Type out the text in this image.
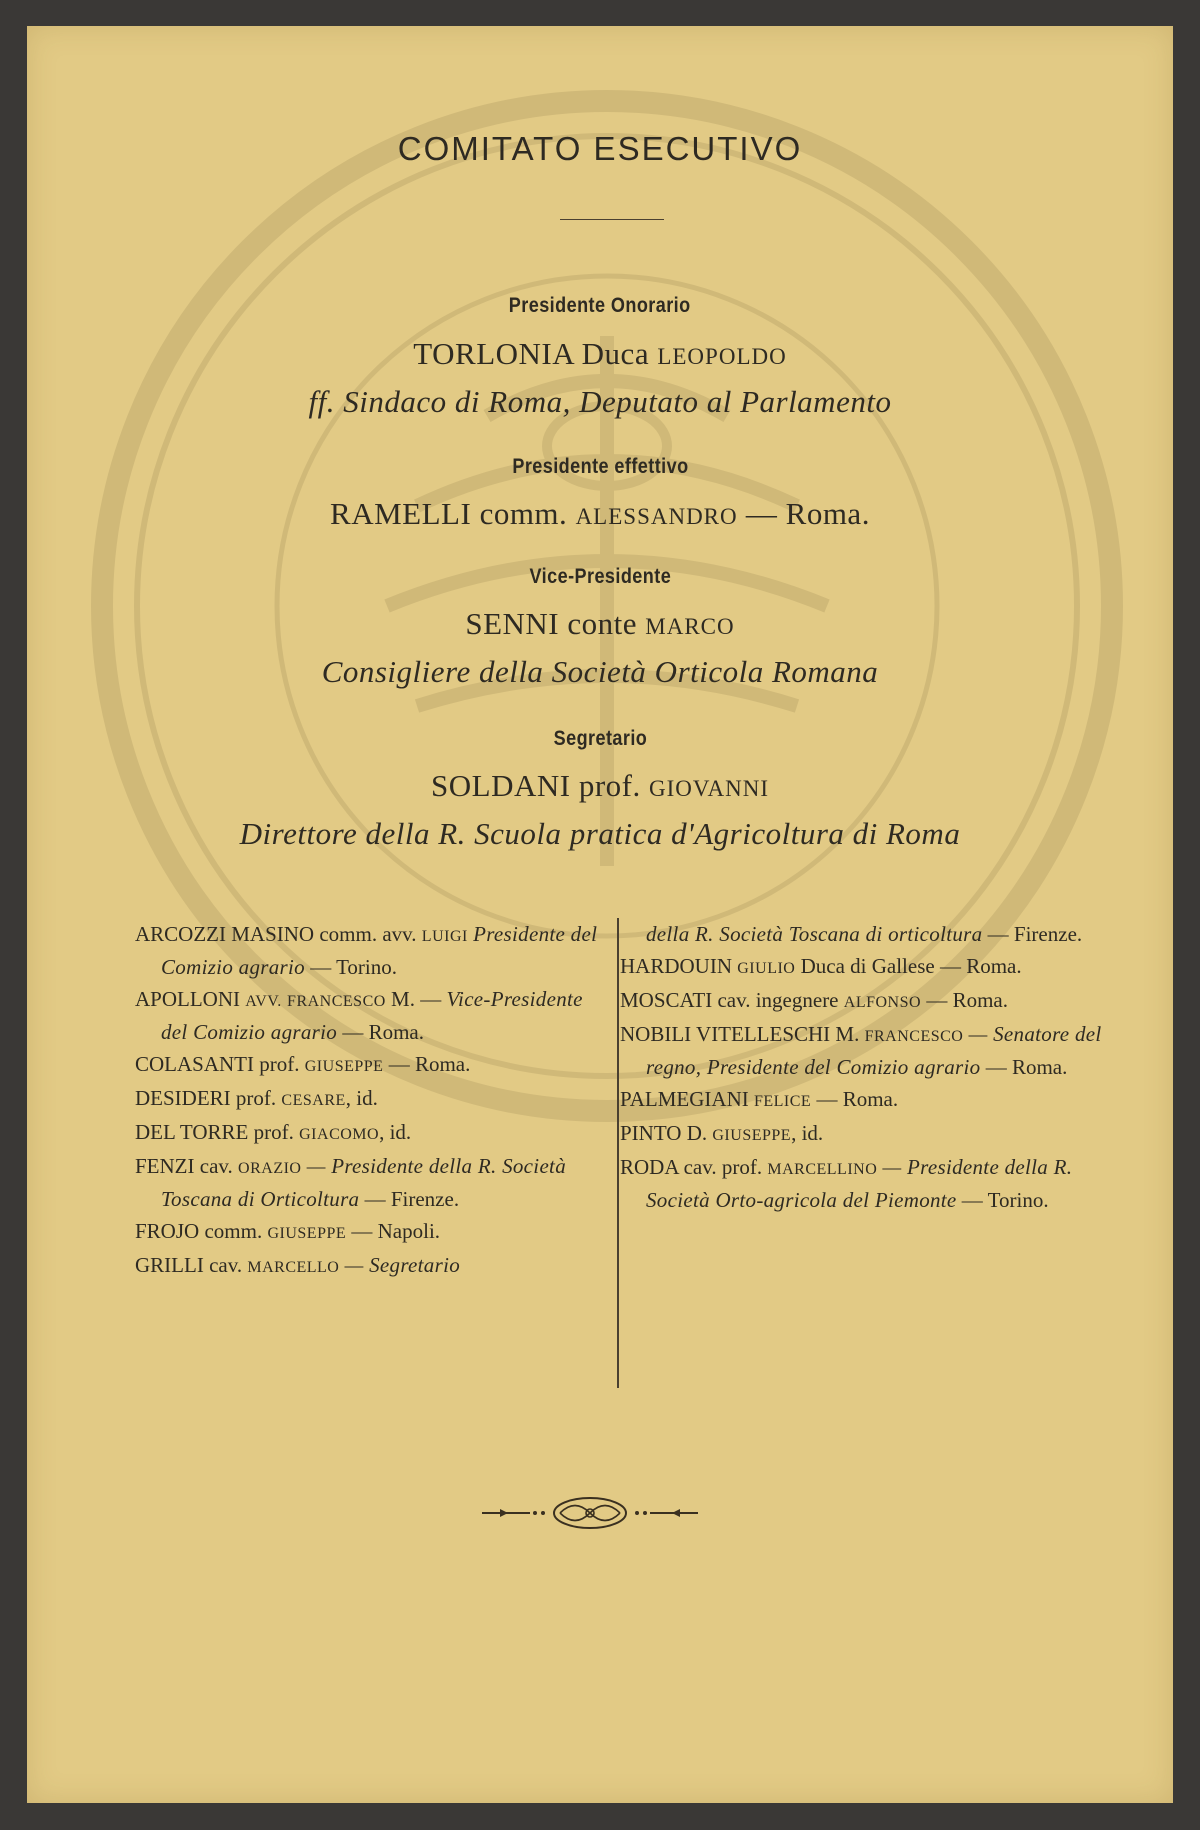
COMITATO ESECUTIVO
Presidente Onorario
TORLONIA Duca LEOPOLDO
ff. Sindaco di Roma, Deputato al Parlamento
Presidente effettivo
RAMELLI comm. ALESSANDRO — Roma.
Vice-Presidente
SENNI conte MARCO
Consigliere della Società Orticola Romana
Segretario
SOLDANI prof. GIOVANNI
Direttore della R. Scuola pratica d'Agricoltura di Roma
ARCOZZI MASINO comm. avv. LUIGI Presidente del Comizio agrario — Torino.
APOLLONI AVV. FRANCESCO M. — Vice-Presidente del Comizio agrario — Roma.
COLASANTI prof. GIUSEPPE — Roma.
DESIDERI prof. CESARE, id.
DEL TORRE prof. GIACOMO, id.
FENZI cav. ORAZIO — Presidente della R. Società Toscana di Orticoltura — Firenze.
FROJO comm. GIUSEPPE — Napoli.
GRILLI cav. MARCELLO — Segretario
della R. Società Toscana di orticoltura — Firenze.
HARDOUIN GIULIO Duca di Gallese — Roma.
MOSCATI cav. ingegnere ALFONSO — Roma.
NOBILI VITELLESCHI M. FRANCESCO — Senatore del regno, Presidente del Comizio agrario — Roma.
PALMEGIANI FELICE — Roma.
PINTO D. GIUSEPPE, id.
RODA cav. prof. MARCELLINO — Presidente della R. Società Orto-agricola del Piemonte — Torino.
